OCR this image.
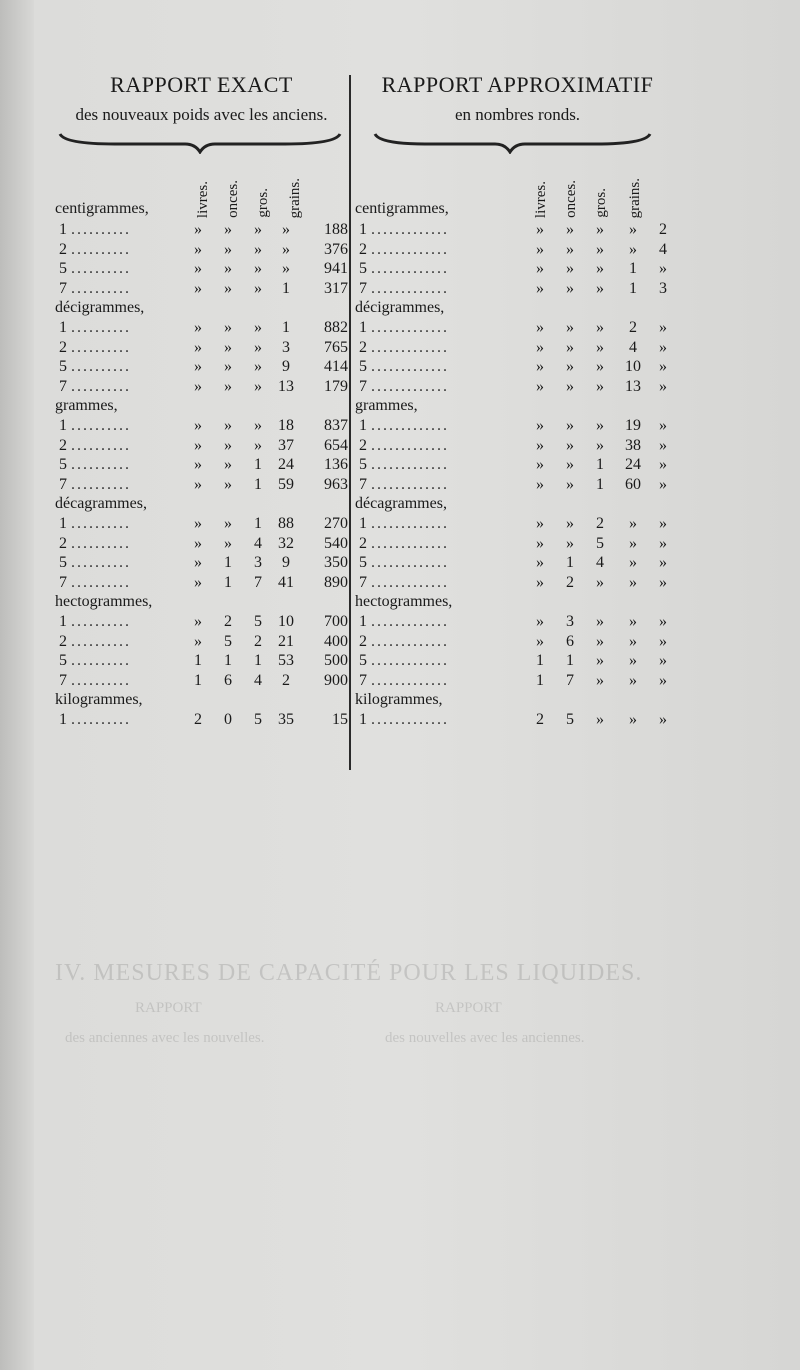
RAPPORT EXACT
des nouveaux poids avec les anciens.
centigrammes,	livres. onces. gros. grains.
1 ..........	»	»	»	»	188
2 ..........	»	»	»	»	376
5 ..........	»	»	»	»	941
7 ..........	»	»	»	1	317
décigrammes,
1 ..........	»	»	»	1	882
2 ..........	»	»	»	3	765
5 ..........	»	»	»	9	414
7 ..........	»	»	»	13	179
grammes,
1 ..........	»	»	»	18	837
2 ..........	»	»	»	37	654
5 ..........	»	»	1	24	136
7 ..........	»	»	1	59	963
décagrammes,
1 ..........	»	»	1	88	270
2 ..........	»	»	4	32	540
5 ..........	»	1	3	9	350
7 ..........	»	1	7	41	890
hectogrammes,
1 ..........	»	2	5	10	700
2 ..........	»	5	2	21	400
5 ..........	1	1	1	53	500
7 ..........	1	6	4	2	900
kilogrammes,
1 ..........	2	0	5	35	15
RAPPORT APPROXIMATIF
en nombres ronds.
centigrammes,	livres. onces. gros. grains.
1 .............	»	»	»	»	2
2 .............	»	»	»	»	4
5 .............	»	»	»	1	»
7 .............	»	»	»	1	3
décigrammes,
1 .............	»	»	»	2	»
2 .............	»	»	»	4	»
5 .............	»	»	»	10	»
7 .............	»	»	»	13	»
grammes,
1 .............	»	»	»	19	»
2 .............	»	»	»	38	»
5 .............	»	»	1	24	»
7 .............	»	»	1	60	»
décagrammes,
1 .............	»	»	2	»	»
2 .............	»	»	5	»	»
5 .............	»	1	4	»	»
7 .............	»	2	»	»	»
hectogrammes,
1 .............	»	3	»	»	»
2 .............	»	6	»	»	»
5 .............	1	1	»	»	»
7 .............	1	7	»	»	»
kilogrammes,
1 .............	2	5	»	»	»
IV. MESURES DE CAPACITÉ POUR LES LIQUIDES.
RAPPORT	RAPPORT
des anciennes avec les nouvelles.	des nouvelles avec les anciennes.
